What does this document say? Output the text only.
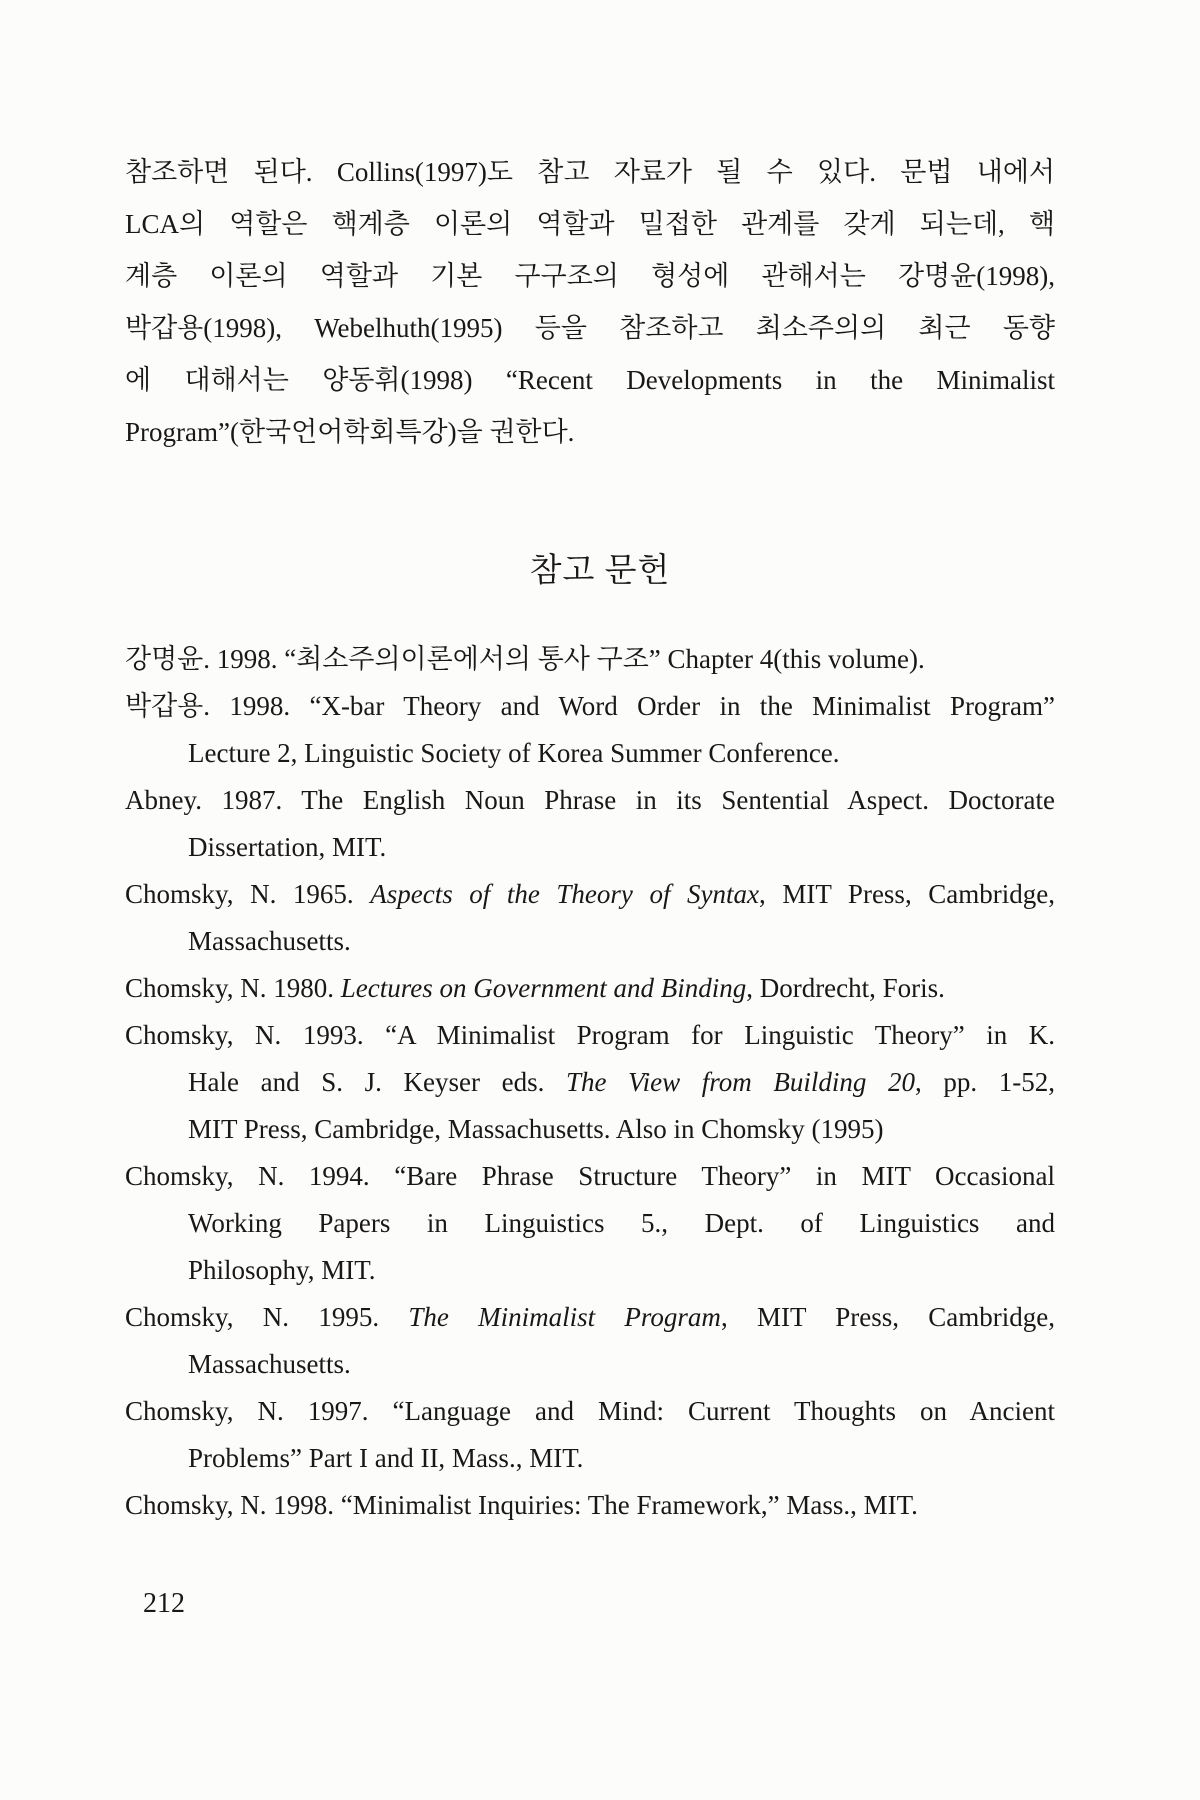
참조하면 된다. Collins(1997)도 참고 자료가 될 수 있다. 문법 내에서
LCA의 역할은 핵계층 이론의 역할과 밀접한 관계를 갖게 되는데, 핵
계층 이론의 역할과 기본 구구조의 형성에 관해서는 강명윤(1998),
박갑용(1998), Webelhuth(1995) 등을 참조하고 최소주의의 최근 동향
에 대해서는 양동휘(1998) “Recent Developments in the Minimalist
Program”(한국언어학회특강)을 권한다.
참고 문헌
강명윤. 1998. “최소주의이론에서의 통사 구조” Chapter 4(this volume).
박갑용. 1998. “X-bar Theory and Word Order in the Minimalist Program”
Lecture 2, Linguistic Society of Korea Summer Conference.
Abney. 1987. The English Noun Phrase in its Sentential Aspect. Doctorate
Dissertation, MIT.
Chomsky, N. 1965. Aspects of the Theory of Syntax, MIT Press, Cambridge,
Massachusetts.
Chomsky, N. 1980. Lectures on Government and Binding, Dordrecht, Foris.
Chomsky, N. 1993. “A Minimalist Program for Linguistic Theory” in K.
Hale and S. J. Keyser eds. The View from Building 20, pp. 1-52,
MIT Press, Cambridge, Massachusetts. Also in Chomsky (1995)
Chomsky, N. 1994. “Bare Phrase Structure Theory” in MIT Occasional
Working Papers in Linguistics 5., Dept. of Linguistics and
Philosophy, MIT.
Chomsky, N. 1995. The Minimalist Program, MIT Press, Cambridge,
Massachusetts.
Chomsky, N. 1997. “Language and Mind: Current Thoughts on Ancient
Problems” Part I and II, Mass., MIT.
Chomsky, N. 1998. “Minimalist Inquiries: The Framework,” Mass., MIT.
212
